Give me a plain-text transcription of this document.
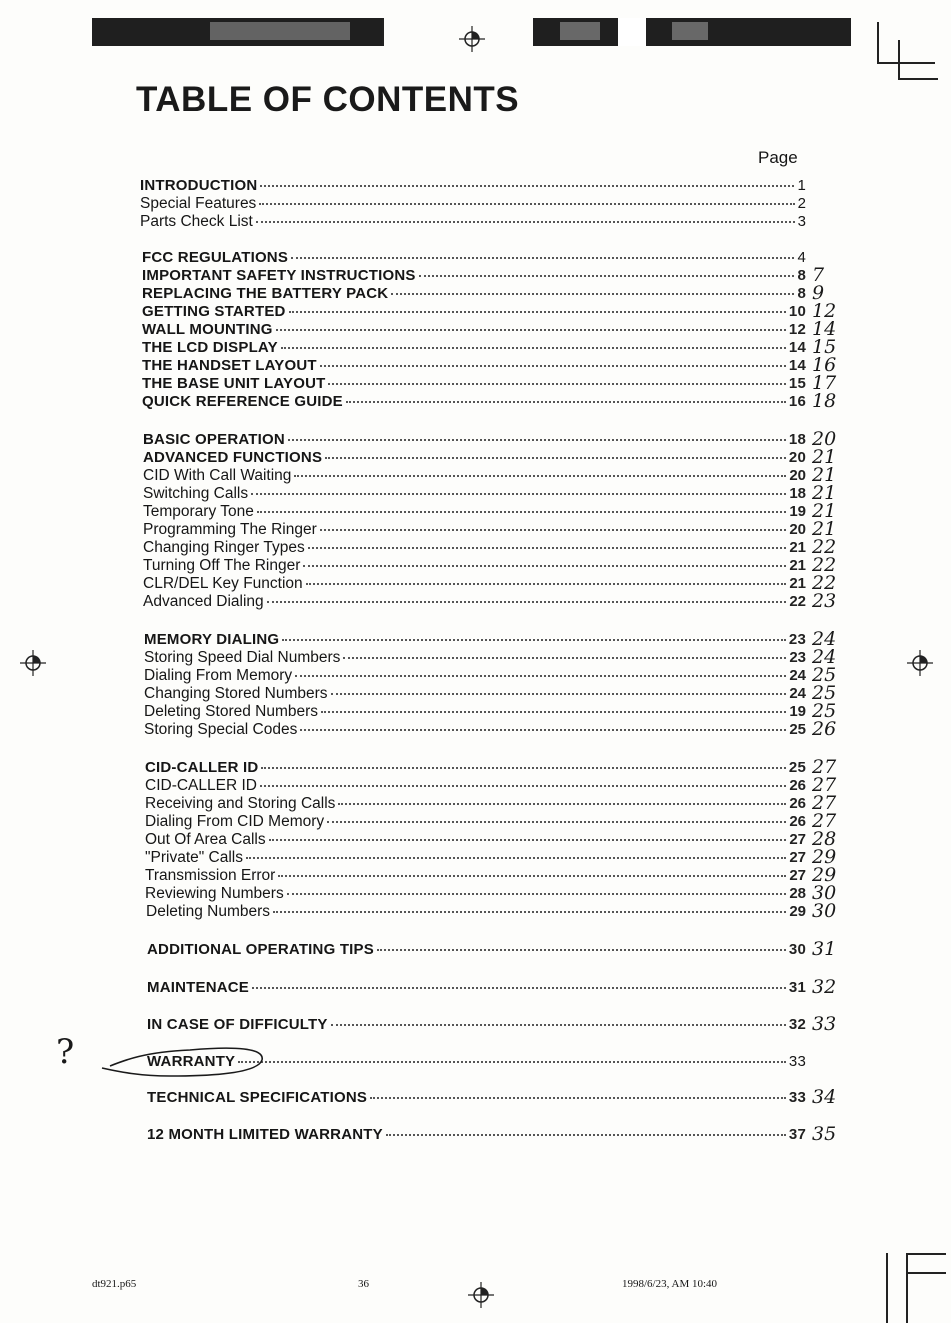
TABLE OF CONTENTS
Page
INTRODUCTION	1
Special Features	2
Parts Check List	3
FCC REGULATIONS	4
IMPORTANT SAFETY INSTRUCTIONS	8 7
REPLACING THE BATTERY PACK	8 9
GETTING STARTED	10 12
WALL MOUNTING	12 14
THE LCD DISPLAY	14 15
THE HANDSET LAYOUT	14 16
THE BASE UNIT LAYOUT	15 17
QUICK REFERENCE GUIDE	16 18
BASIC OPERATION	18 20
ADVANCED FUNCTIONS	20 21
CID With Call Waiting	20 21
Switching Calls	18 21
Temporary Tone	19 21
Programming The Ringer	20 21
Changing Ringer Types	21 22
Turning Off The Ringer	21 22
CLR/DEL Key Function	21 22
Advanced Dialing	22 23
MEMORY DIALING	23 24
Storing Speed Dial Numbers	23 24
Dialing From Memory	24 25
Changing Stored Numbers	24 25
Deleting Stored Numbers	19 25
Storing Special Codes	25 26
CID-CALLER ID	25 27
CID-CALLER ID	26 27
Receiving and Storing Calls	26 27
Dialing From CID Memory	26 27
Out Of Area Calls	27 28
"Private" Calls	27 29
Transmission Error	27 29
Reviewing Numbers	28 30
Deleting Numbers	29 30
ADDITIONAL OPERATING TIPS	30 31
MAINTENACE	31 32
IN CASE OF DIFFICULTY	32 33
WARRANTY	33
TECHNICAL SPECIFICATIONS	33 34
12 MONTH LIMITED WARRANTY	37 35
?
dt921.p65	36	1998/6/23, AM 10:40
